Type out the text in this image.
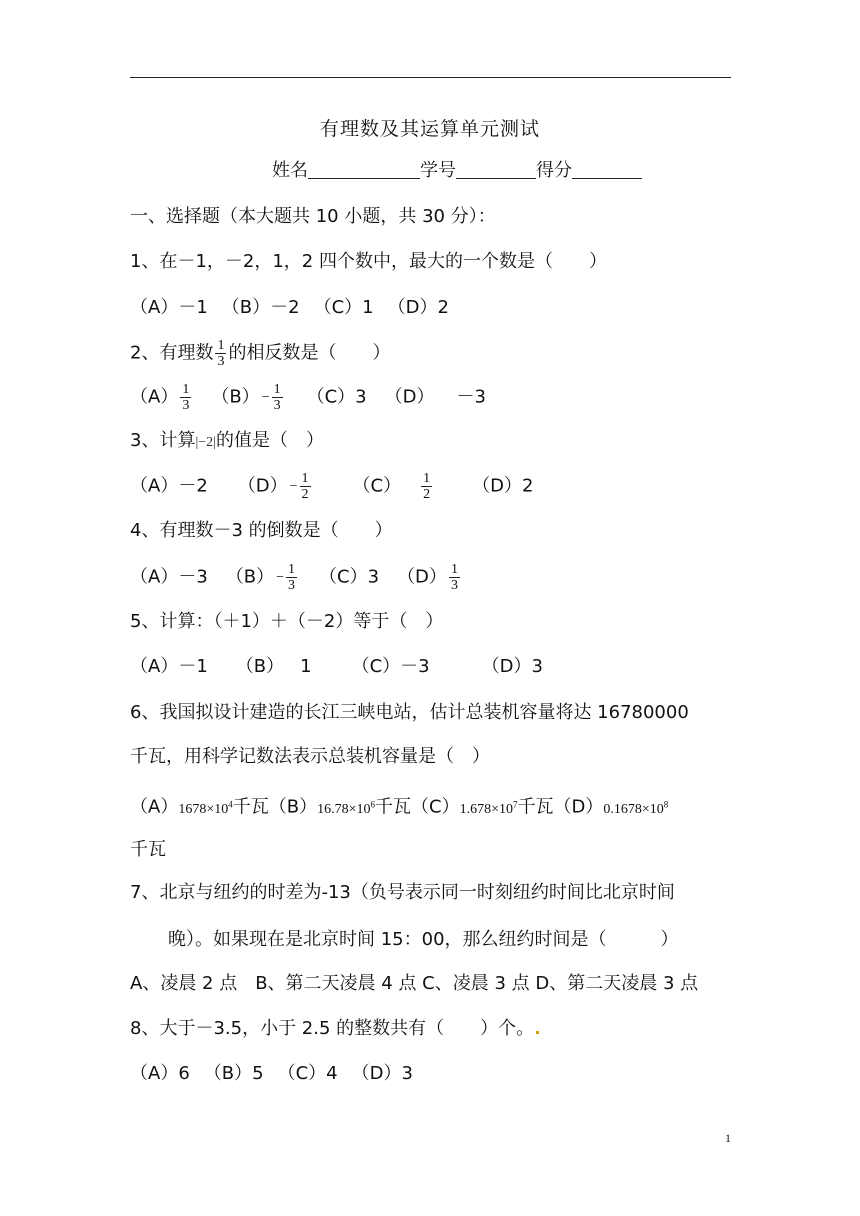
有理数及其运算单元测试
姓名	学号	得分
一、选择题（本大题共 10 小题，共 30 分）：
1、在－1，－2，1，2 四个数中，最大的一个数是（　　）
（A）－1 （B）－2 （C）1 （D）2
2、有理数 $\frac{1}{3}$ 的相反数是（　　）
$(A) \frac{1}{3} (B) - \frac{1}{3} (C)3$ （D） －3
3、计算|−2|的值是（　）
（A）－2 $(D) - \frac{1}{2} (C) \frac{1}{2} (D)2$
4、有理数－3 的倒数是（　　）
（A）－3 $(B) - \frac{1}{3} (C)3$ $(D) \frac{1}{3}$
5、计算：（＋1）＋（－2）等于（　）
（A）－1 （B） 1 （C）－3	（D）3
6、我国拟设计建造的长江三峡电站，估计总装机容量将达 16780000
千瓦，用科学记数法表示总装机容量是（　）
$(A)1678\times 10^4$千瓦$(B)16.78\times 10^6$千瓦$(C)1.678\times 10^7$千瓦$(D)0.1678\times 10^8$
千瓦
7、北京与纽约的时差为-13（负号表示同一时刻纽约时间比北京时间
晚）。如果现在是北京时间 15：00，那么纽约时间是（　　　）
A、凌晨 2 点　B、第二天凌晨 4 点 C、凌晨 3 点 D、第二天凌晨 3 点
8、大于－3.5，小于 2.5 的整数共有（　　）个。
（A）6 （B）5 （C）4 （D）3
1
